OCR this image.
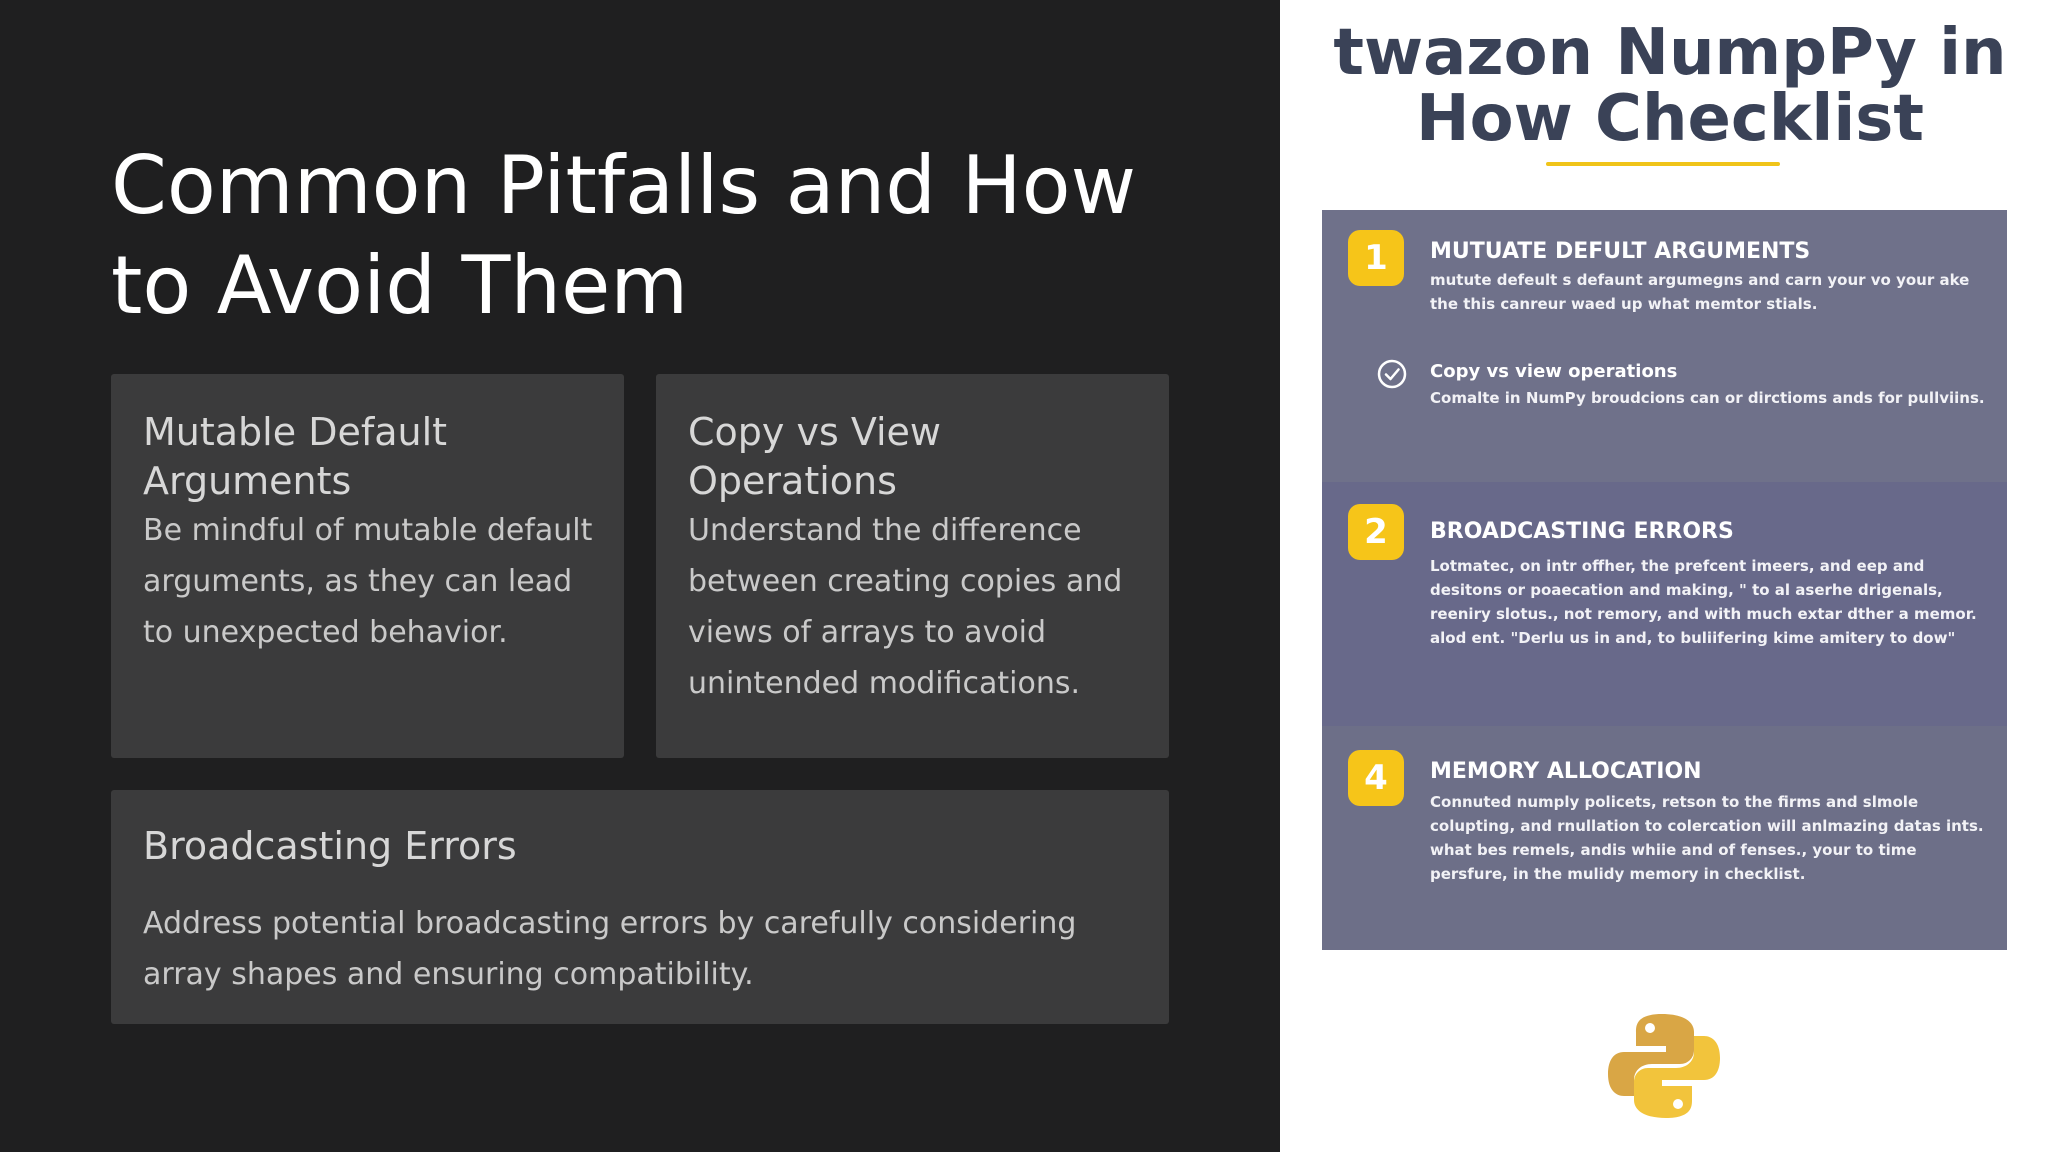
Common Pitfalls and How to Avoid Them
Mutable Default Arguments
Be mindful of mutable default arguments, as they can lead to unexpected behavior.
Copy vs View Operations
Understand the difference between creating copies and views of arrays to avoid unintended modifications.
Broadcasting Errors
Address potential broadcasting errors by carefully considering array shapes and ensuring compatibility.
twazon NumpPy in How Checklist
1	MUTUATE DEFULT ARGUMENTS
mutute defeult s defaunt argumegns and carn your vo your ake the this canreur waed up what memtor stials.
Copy vs view operations
Comalte in NumPy broudcions can or dirctioms ands for pullviins.
2	BROADCASTING ERRORS
Lotmatec, on intr offher, the prefcent imeers, and eep and desitons or poaecation and making, " to al aserhe drigenals, reeniry slotus., not remory, and with much extar dther a memor. alod ent. "Derlu us in and, to buliifering kime amitery to dow"
4	MEMORY ALLOCATION
Connuted numply policets, retson to the firms and slmole colupting, and rnullation to colercation will anlmazing datas ints. what bes remels, andis whiie and of fenses., your to time persfure, in the mulidy memory in checklist.
